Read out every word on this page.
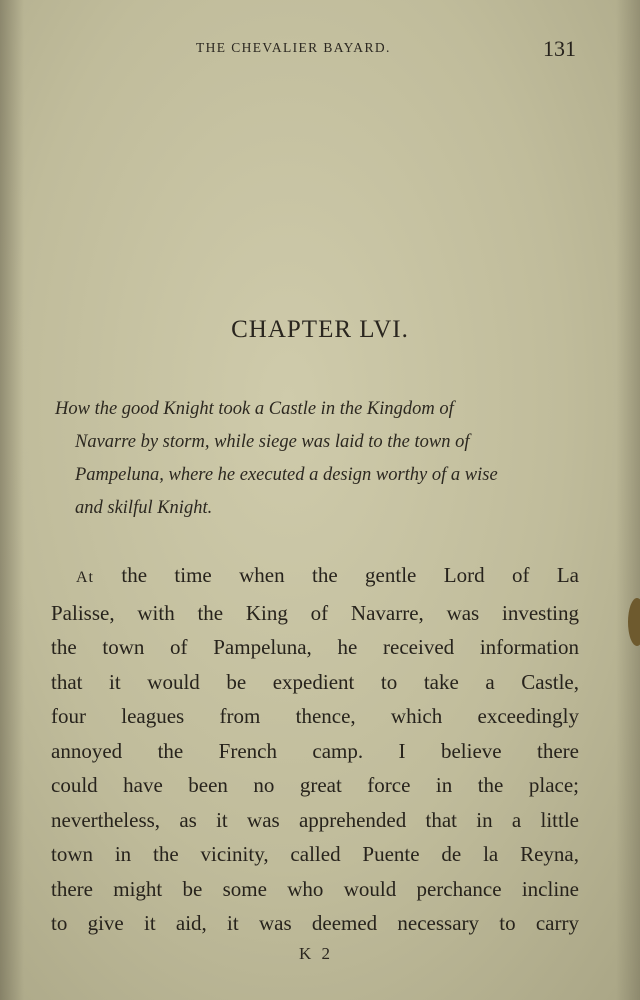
THE CHEVALIER BAYARD.	131
CHAPTER LVI.
How the good Knight took a Castle in the Kingdom of
Navarre by storm, while siege was laid to the town of
Pampeluna, where he executed a design worthy of a wise
and skilful Knight.
At the time when the gentle Lord of La
Palisse, with the King of Navarre, was investing
the town of Pampeluna, he received information
that it would be expedient to take a Castle,
four leagues from thence, which exceedingly
annoyed the French camp. I believe there
could have been no great force in the place;
nevertheless, as it was apprehended that in a little
town in the vicinity, called Puente de la Reyna,
there might be some who would perchance incline
to give it aid, it was deemed necessary to carry
K 2
